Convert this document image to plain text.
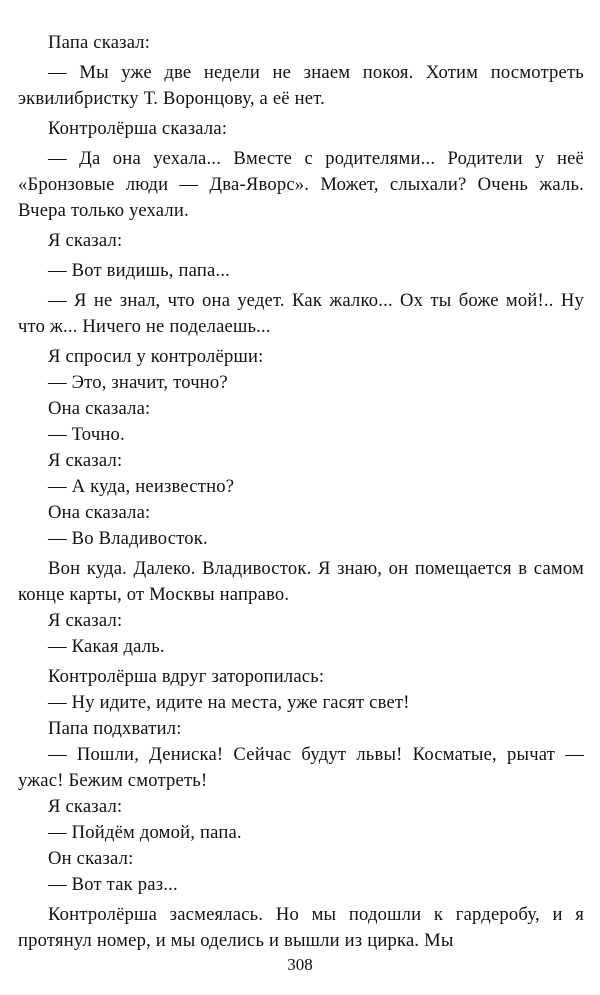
Папа сказал:

— Мы уже две недели не знаем покоя. Хотим посмотреть эквилибристку Т. Воронцову, а её нет.

Контролёрша сказала:

— Да она уехала... Вместе с родителями... Родители у неё «Бронзовые люди — Два-Яворс». Может, слыхали? Очень жаль. Вчера только уехали.

Я сказал:

— Вот видишь, папа...

— Я не знал, что она уедет. Как жалко... Ох ты боже мой!.. Ну что ж... Ничего не поделаешь...

Я спросил у контролёрши:

— Это, значит, точно?

Она сказала:

— Точно.

Я сказал:

— А куда, неизвестно?

Она сказала:

— Во Владивосток.

Вон куда. Далеко. Владивосток. Я знаю, он помещается в самом конце карты, от Москвы направо.

Я сказал:

— Какая даль.

Контролёрша вдруг заторопилась:

— Ну идите, идите на места, уже гасят свет!

Папа подхватил:

— Пошли, Дениска! Сейчас будут львы! Косматые, рычат — ужас! Бежим смотреть!

Я сказал:

— Пойдём домой, папа.

Он сказал:

— Вот так раз...

Контролёрша засмеялась. Но мы подошли к гардеробу, и я протянул номер, и мы оделись и вышли из цирка. Мы

308
